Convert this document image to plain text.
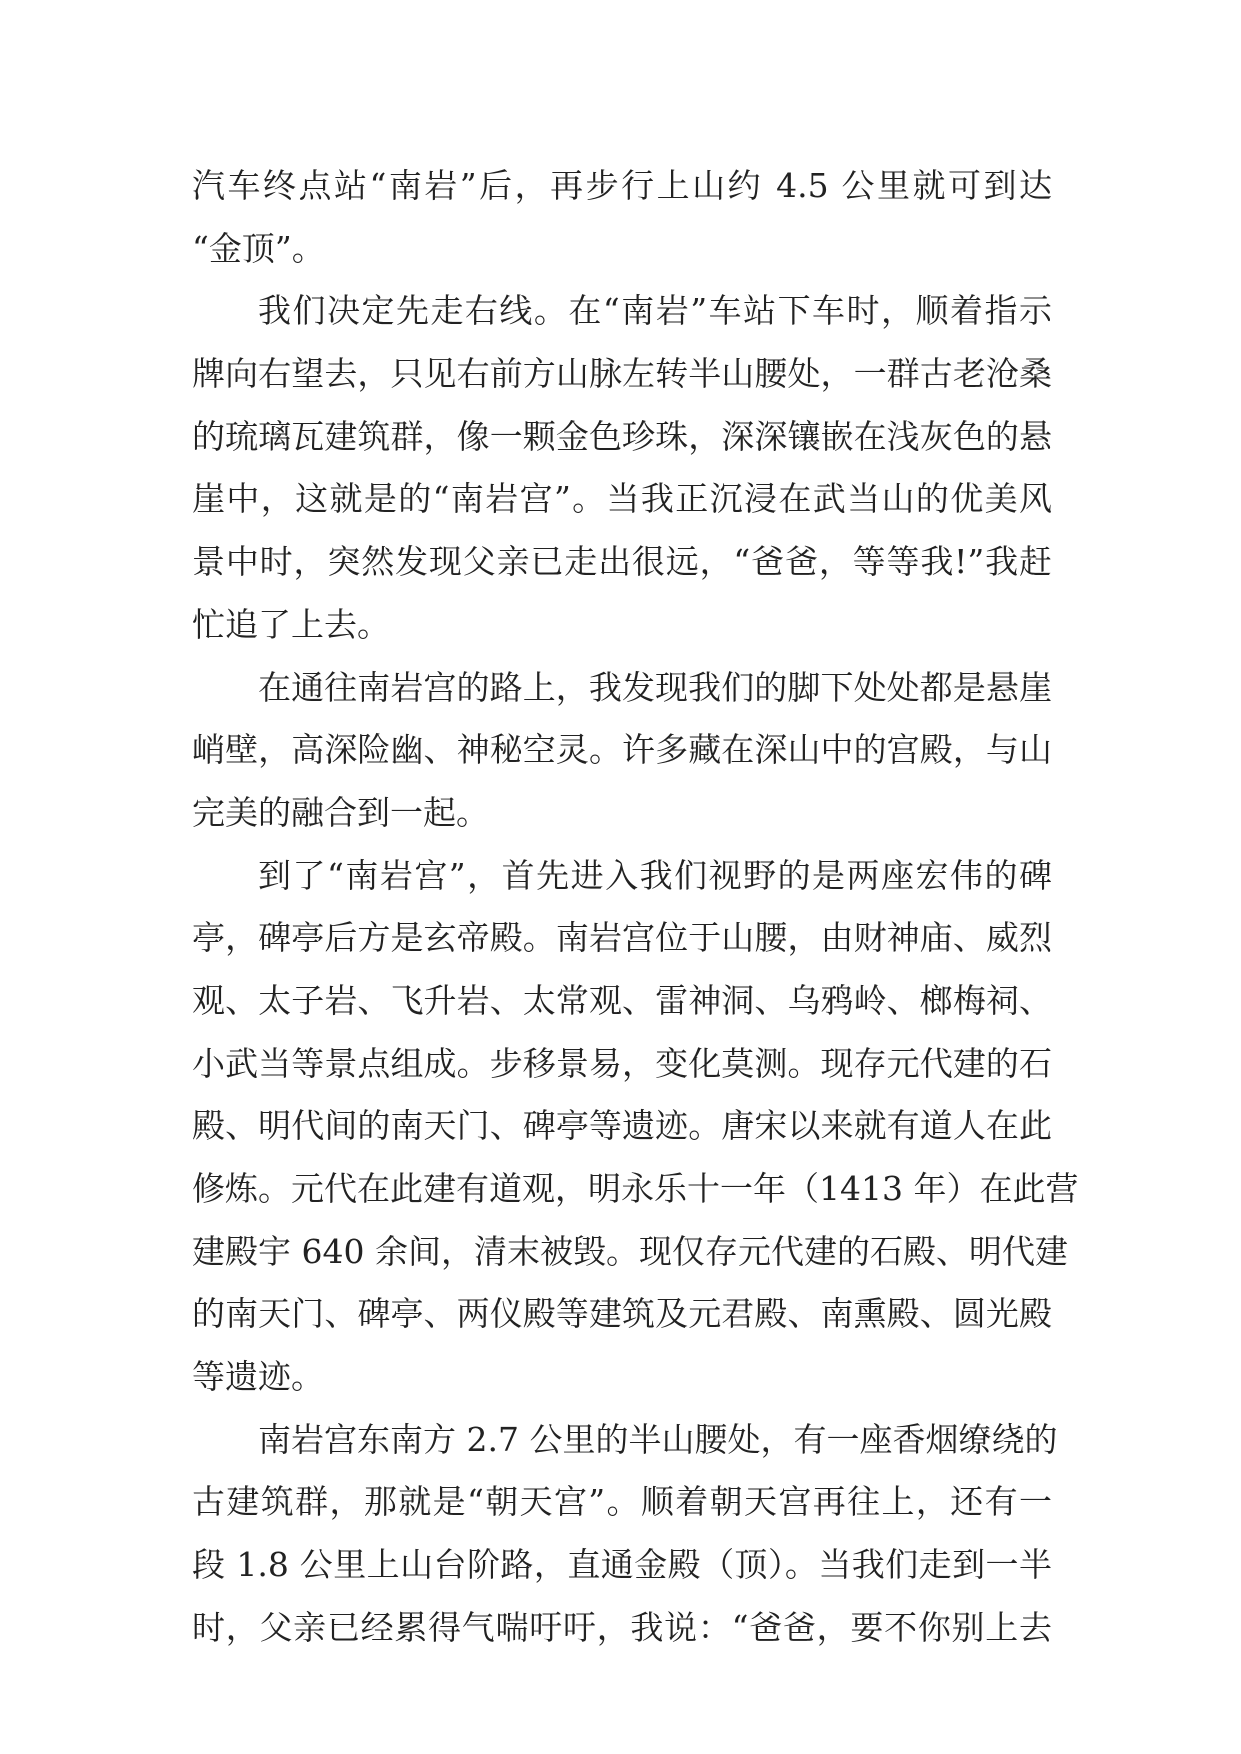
汽车终点站“南岩”后，再步行上山约 4.5 公里就可到达
“金顶”。
我们决定先走右线。在“南岩”车站下车时，顺着指示
牌向右望去，只见右前方山脉左转半山腰处，一群古老沧桑
的琉璃瓦建筑群，像一颗金色珍珠，深深镶嵌在浅灰色的悬
崖中，这就是的“南岩宫”。当我正沉浸在武当山的优美风
景中时，突然发现父亲已走出很远，“爸爸，等等我!”我赶
忙追了上去。
在通往南岩宫的路上，我发现我们的脚下处处都是悬崖
峭壁，高深险幽、神秘空灵。许多藏在深山中的宫殿，与山
完美的融合到一起。
到了“南岩宫”，首先进入我们视野的是两座宏伟的碑
亭，碑亭后方是玄帝殿。南岩宫位于山腰，由财神庙、威烈
观、太子岩、飞升岩、太常观、雷神洞、乌鸦岭、榔梅祠、
小武当等景点组成。步移景易，变化莫测。现存元代建的石
殿、明代间的南天门、碑亭等遗迹。唐宋以来就有道人在此
修炼。元代在此建有道观，明永乐十一年（1413 年）在此营
建殿宇 640 余间，清末被毁。现仅存元代建的石殿、明代建
的南天门、碑亭、两仪殿等建筑及元君殿、南熏殿、圆光殿
等遗迹。
南岩宫东南方 2.7 公里的半山腰处，有一座香烟缭绕的
古建筑群，那就是“朝天宫”。顺着朝天宫再往上，还有一
段 1.8 公里上山台阶路，直通金殿（顶）。当我们走到一半
时，父亲已经累得气喘吁吁，我说：“爸爸，要不你别上去
